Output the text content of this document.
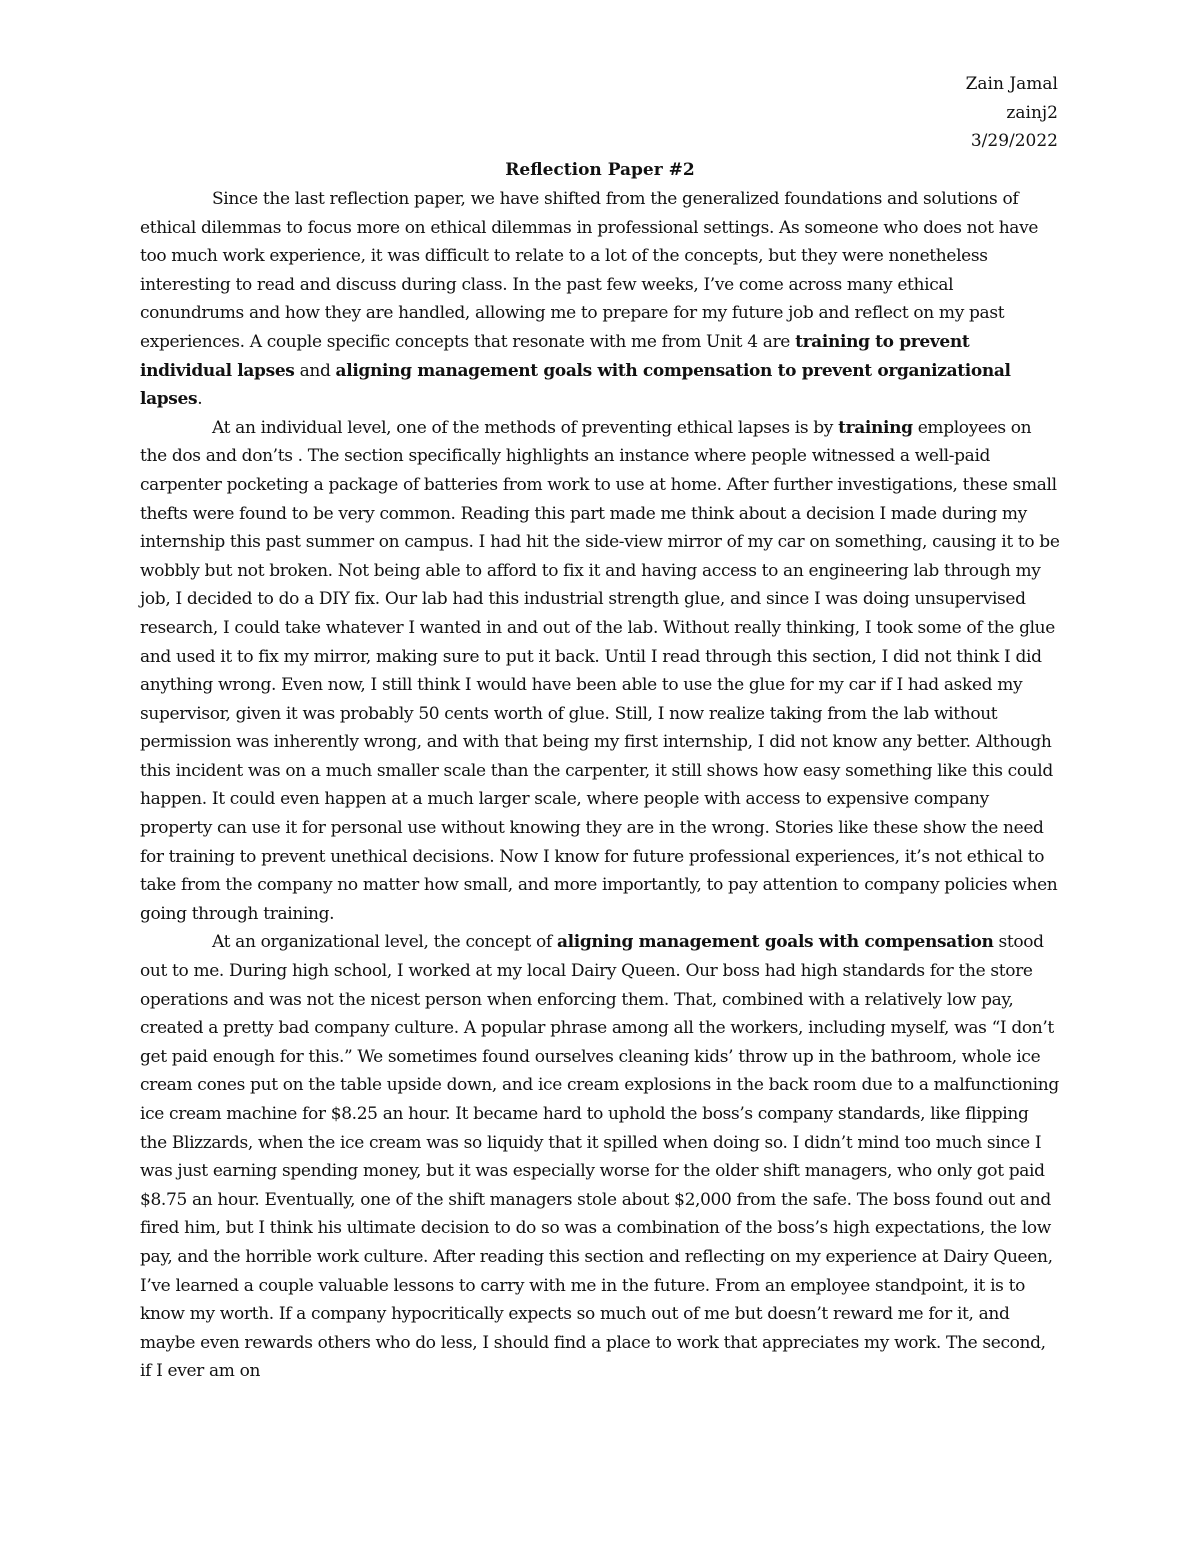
Zain Jamal
zainj2
3/29/2022
Reflection Paper #2

Since the last reflection paper, we have shifted from the generalized foundations and solutions of ethical dilemmas to focus more on ethical dilemmas in professional settings. As someone who does not have too much work experience, it was difficult to relate to a lot of the concepts, but they were nonetheless interesting to read and discuss during class. In the past few weeks, I’ve come across many ethical conundrums and how they are handled, allowing me to prepare for my future job and reflect on my past experiences. A couple specific concepts that resonate with me from Unit 4 are training to prevent individual lapses and aligning management goals with compensation to prevent organizational lapses.

At an individual level, one of the methods of preventing ethical lapses is by training employees on the dos and don’ts . The section specifically highlights an instance where people witnessed a well-paid carpenter pocketing a package of batteries from work to use at home. After further investigations, these small thefts were found to be very common. Reading this part made me think about a decision I made during my internship this past summer on campus. I had hit the side-view mirror of my car on something, causing it to be wobbly but not broken. Not being able to afford to fix it and having access to an engineering lab through my job, I decided to do a DIY fix. Our lab had this industrial strength glue, and since I was doing unsupervised research, I could take whatever I wanted in and out of the lab. Without really thinking, I took some of the glue and used it to fix my mirror, making sure to put it back. Until I read through this section, I did not think I did anything wrong. Even now, I still think I would have been able to use the glue for my car if I had asked my supervisor, given it was probably 50 cents worth of glue. Still, I now realize taking from the lab without permission was inherently wrong, and with that being my first internship, I did not know any better. Although this incident was on a much smaller scale than the carpenter, it still shows how easy something like this could happen. It could even happen at a much larger scale, where people with access to expensive company property can use it for personal use without knowing they are in the wrong. Stories like these show the need for training to prevent unethical decisions. Now I know for future professional experiences, it’s not ethical to take from the company no matter how small, and more importantly, to pay attention to company policies when going through training.

At an organizational level, the concept of aligning management goals with compensation stood out to me. During high school, I worked at my local Dairy Queen. Our boss had high standards for the store operations and was not the nicest person when enforcing them. That, combined with a relatively low pay, created a pretty bad company culture. A popular phrase among all the workers, including myself, was “I don’t get paid enough for this.” We sometimes found ourselves cleaning kids’ throw up in the bathroom, whole ice cream cones put on the table upside down, and ice cream explosions in the back room due to a malfunctioning ice cream machine for $8.25 an hour. It became hard to uphold the boss’s company standards, like flipping the Blizzards, when the ice cream was so liquidy that it spilled when doing so. I didn’t mind too much since I was just earning spending money, but it was especially worse for the older shift managers, who only got paid $8.75 an hour. Eventually, one of the shift managers stole about $2,000 from the safe. The boss found out and fired him, but I think his ultimate decision to do so was a combination of the boss’s high expectations, the low pay, and the horrible work culture. After reading this section and reflecting on my experience at Dairy Queen, I’ve learned a couple valuable lessons to carry with me in the future. From an employee standpoint, it is to know my worth. If a company hypocritically expects so much out of me but doesn’t reward me for it, and maybe even rewards others who do less, I should find a place to work that appreciates my work. The second, if I ever am on
